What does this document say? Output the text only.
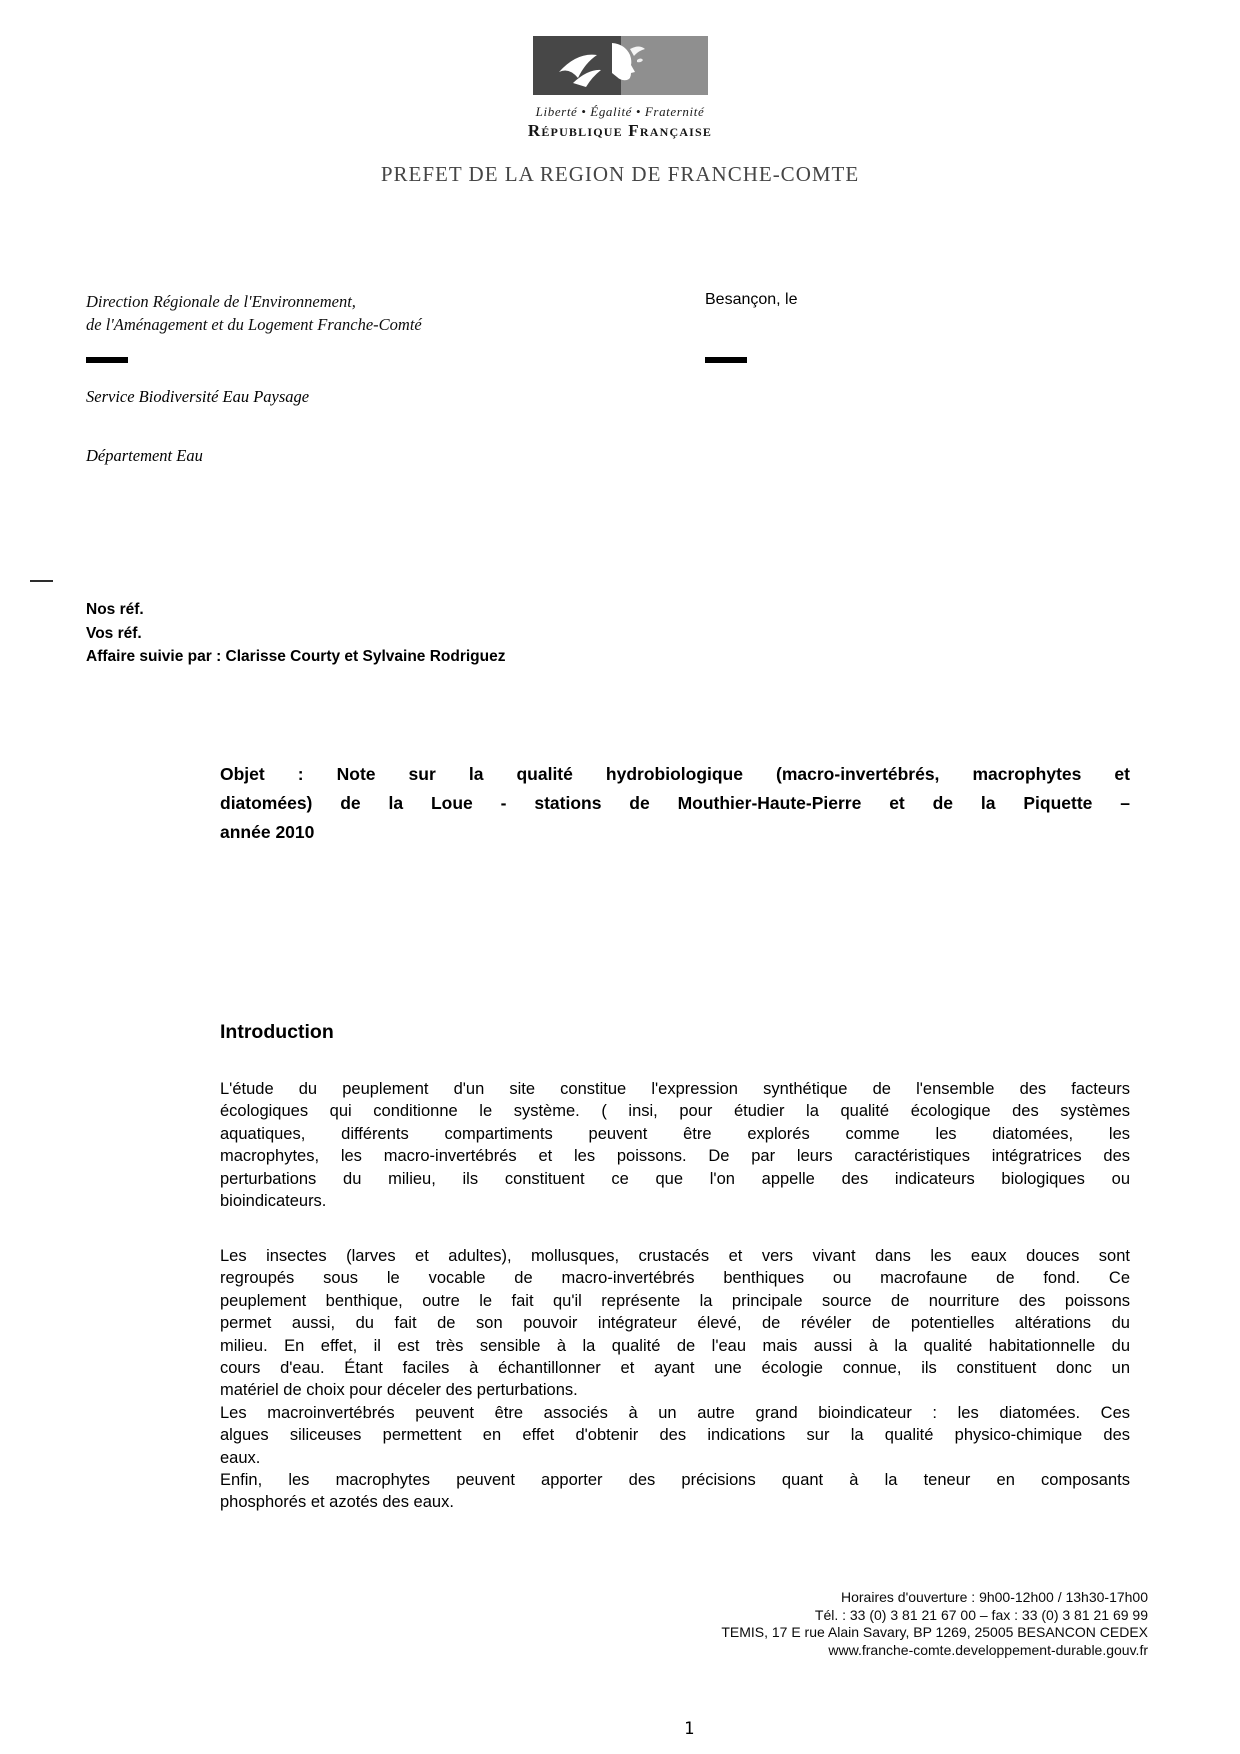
Liberté • Égalité • Fraternité
République Française
PREFET DE LA REGION DE FRANCHE-COMTE
Direction Régionale de l'Environnement,
de l'Aménagement et du Logement Franche-Comté
Besançon, le
Service Biodiversité Eau Paysage
Département Eau
Nos réf.
Vos réf.
Affaire suivie par : Clarisse Courty et Sylvaine Rodriguez
Objet : Note sur la qualité hydrobiologique (macro-invertébrés, macrophytes et
diatomées) de la Loue - stations de Mouthier-Haute-Pierre et de la Piquette –
année 2010
Introduction
L'étude du peuplement d'un site constitue l'expression synthétique de l'ensemble des facteurs
écologiques qui conditionne le système. ( insi, pour étudier la qualité écologique des systèmes
aquatiques, différents compartiments peuvent être explorés comme les diatomées, les
macrophytes, les macro-invertébrés et les poissons. De par leurs caractéristiques intégratrices des
perturbations du milieu, ils constituent ce que l'on appelle des indicateurs biologiques ou
bioindicateurs.
Les insectes (larves et adultes), mollusques, crustacés et vers vivant dans les eaux douces sont
regroupés sous le vocable de macro-invertébrés benthiques ou macrofaune de fond. Ce
peuplement benthique, outre le fait qu'il représente la principale source de nourriture des poissons
permet aussi, du fait de son pouvoir intégrateur élevé, de révéler de potentielles altérations du
milieu. En effet, il est très sensible à la qualité de l'eau mais aussi à la qualité habitationnelle du
cours d'eau. Étant faciles à échantillonner et ayant une écologie connue, ils constituent donc un
matériel de choix pour déceler des perturbations.
Les macroinvertébrés peuvent être associés à un autre grand bioindicateur : les diatomées. Ces
algues siliceuses permettent en effet d'obtenir des indications sur la qualité physico-chimique des
eaux.
Enfin, les macrophytes peuvent apporter des précisions quant à la teneur en composants
phosphorés et azotés des eaux.
Horaires d'ouverture : 9h00-12h00 / 13h30-17h00
Tél. : 33 (0) 3 81 21 67 00 – fax : 33 (0) 3 81 21 69 99
TEMIS, 17 E rue Alain Savary, BP 1269, 25005 BESANCON CEDEX
www.franche-comte.developpement-durable.gouv.fr
1
